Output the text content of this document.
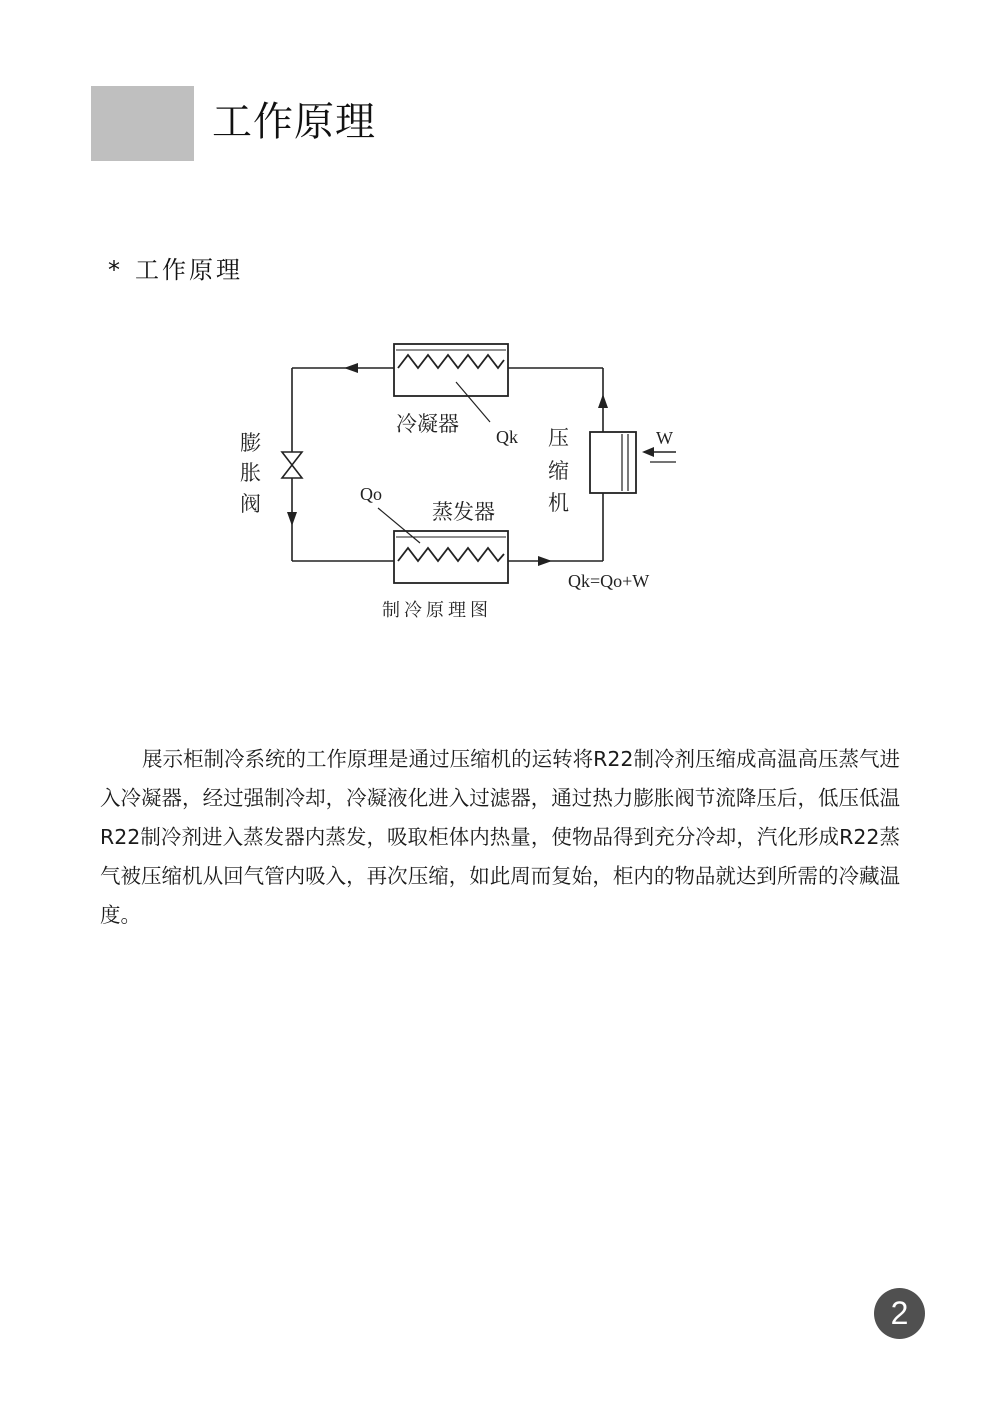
工作原理
* 工作原理
冷凝器
Qk
Qo
蒸发器
膨
胀
阀
压
缩
机
W
Qk=Qo+W
制冷原理图

展示柜制冷系统的工作原理是通过压缩机的运转将R22制冷剂压缩成高温高压蒸气进入冷凝器，经过强制冷却，冷凝液化进入过滤器，通过热力膨胀阀节流降压后，低压低温R22制冷剂进入蒸发器内蒸发，吸取柜体内热量，使物品得到充分冷却，汽化形成R22蒸气被压缩机从回气管内吸入，再次压缩，如此周而复始，柜内的物品就达到所需的冷藏温度。

2
